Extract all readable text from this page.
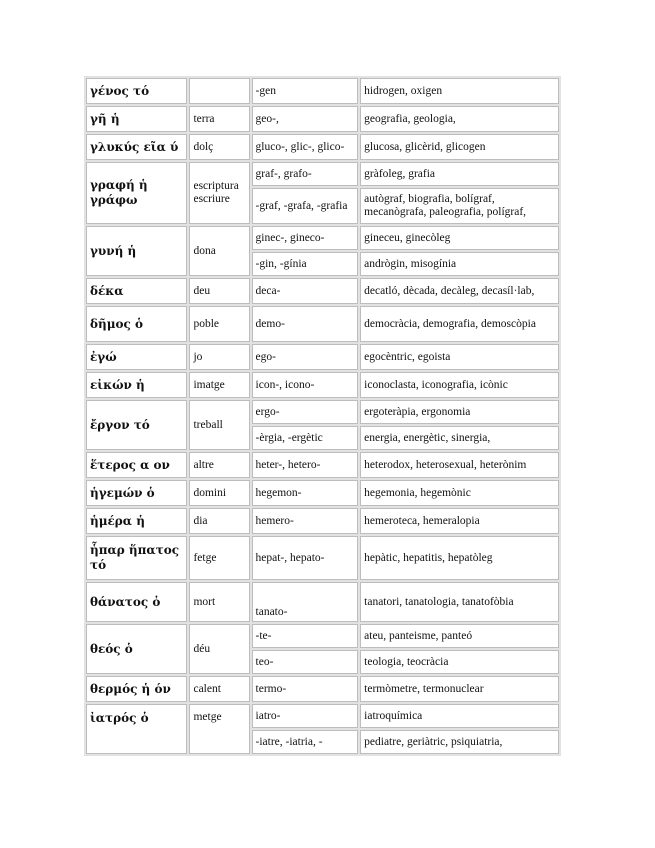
γένος τό		-gen	hidrogen, oxigen
γῆ ἡ	terra	geo-,	geografia, geologia,
γλυκύς εῖα ύ	dolç	gluco-, glic-, glico-	glucosa, glicèrid, glicogen
γραφή ἡ γράφω	escriptura escriure	graf-, grafo-	gràfoleg, grafia
		-graf, -grafa, -grafia	autògraf, biografia, bolígraf, mecanògrafa, paleografia, polígraf,
γυνή ἡ	dona	ginec-, gineco-	gineceu, ginecòleg
		-gin, -gínia	andrògin, misogínia
δέκα	deu	deca-	decatló, dècada, decàleg, decasíl·lab,
δῆμος ὁ	poble	demo-	democràcia, demografia, demoscòpia
ἐγώ	jo	ego-	egocèntric, egoista
εἰκών ἡ	imatge	icon-, icono-	iconoclasta, iconografia, icònic
ἔργον τό	treball	ergo-	ergoteràpia, ergonomia
		-èrgia, -ergètic	energia, energètic, sinergia,
ἕτερος α ον	altre	heter-, hetero-	heterodox, heterosexual, heterònim
ἡγεμών ὁ	domini	hegemon-	hegemonia, hegemònic
ἡμέρα ἡ	dia	hemero-	hemeroteca, hemeralopia
ἧπαρ ἥπατος τό	fetge	hepat-, hepato-	hepàtic, hepatitis, hepatòleg
θάνατος ὁ	mort	tanato-	tanatori, tanatologia, tanatofòbia
θεός ὁ	déu	-te-	ateu, panteisme, panteó
		teo-	teologia, teocràcia
θερμός ἡ όν	calent	termo-	termòmetre, termonuclear
ἰατρός ὁ	metge	iatro-	iatroquímica
		-iatre, -iatria, -	pediatre, geriàtric, psiquiatria,
